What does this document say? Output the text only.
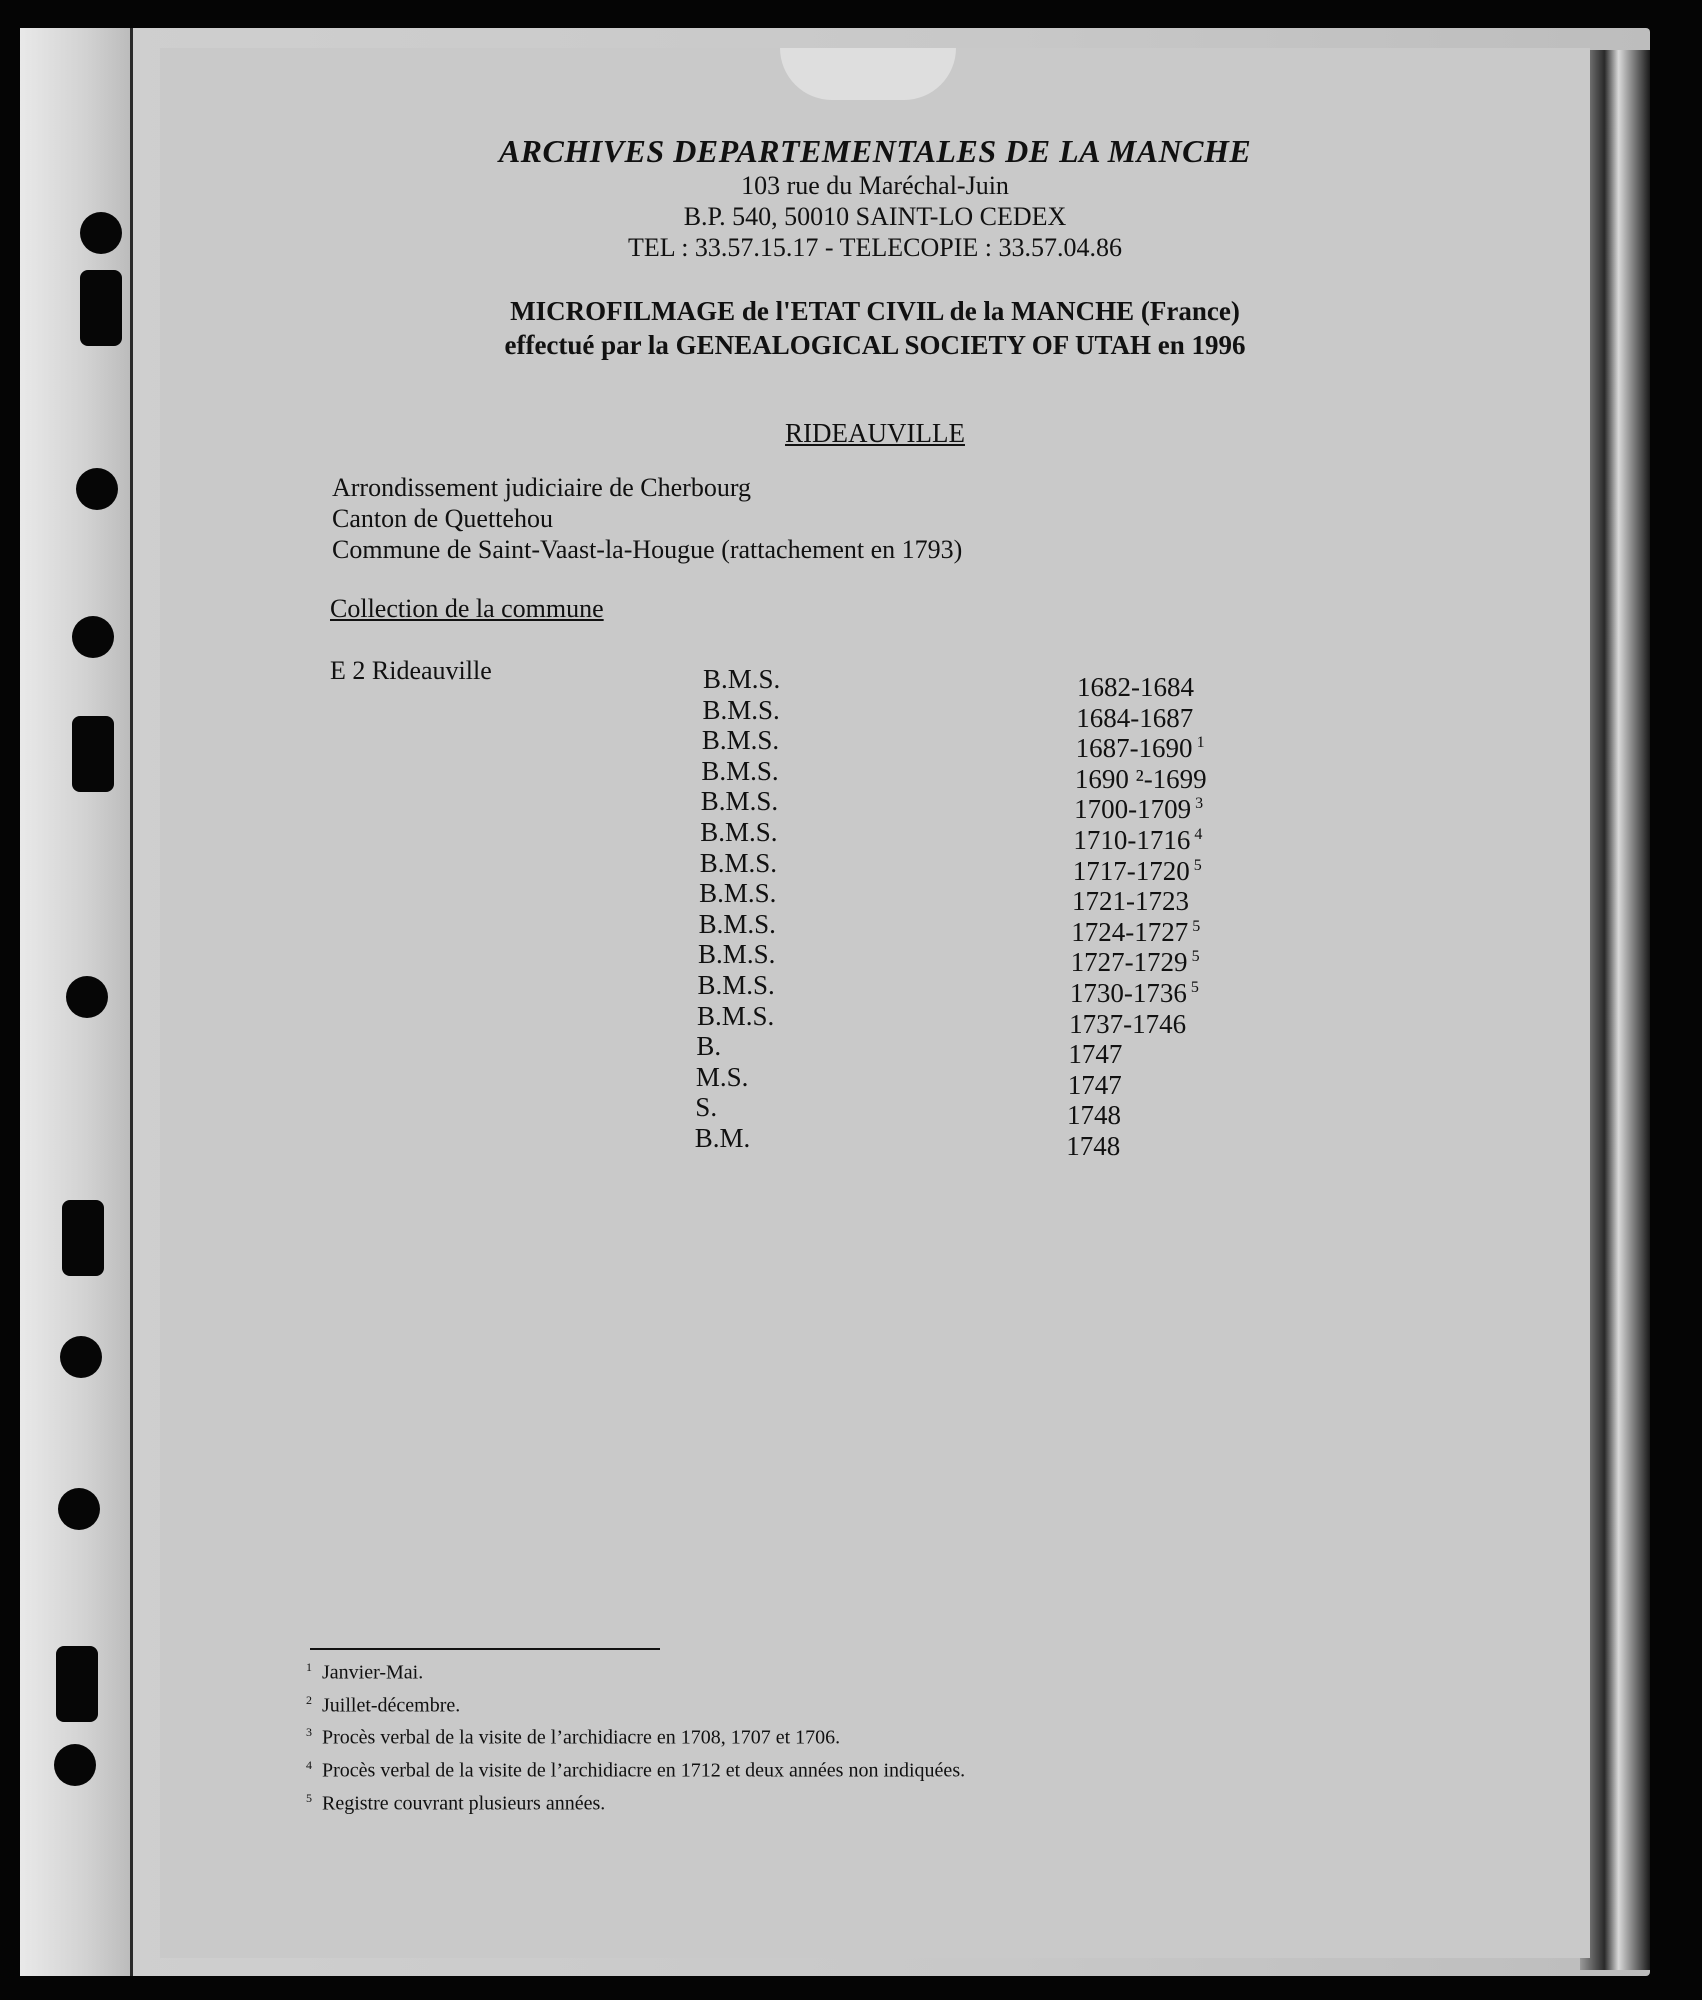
ARCHIVES DEPARTEMENTALES DE LA MANCHE

103 rue du Maréchal-Juin

B.P. 540, 50010 SAINT-LO CEDEX

TEL : 33.57.15.17 - TELECOPIE : 33.57.04.86

MICROFILMAGE de l'ETAT CIVIL de la MANCHE (France)

effectué par la GENEALOGICAL SOCIETY OF UTAH en 1996

RIDEAUVILLE

Arrondissement judiciaire de Cherbourg

Canton de Quettehou

Commune de Saint-Vaast-la-Hougue (rattachement en 1793)

Collection de la commune

E 2 Rideauville	B.M.S.	1682-1684

B.M.S.	1684-1687

B.M.S.	1687-1690 $^1$

B.M.S.	1690 ²-1699

B.M.S.	1700-1709 $^3$

B.M.S.	1710-1716 $^4$

B.M.S.	1717-1720 $^5$

B.M.S.	1721-1723

B.M.S.	1724-1727 $^5$

B.M.S.	1727-1729 $^5$

B.M.S.	1730-1736 $^5$

B.M.S.	1737-1746

B.	1747

M.S.	1747

S.	1748

B.M.	1748

$^1$ Janvier-Mai.

$^2$ Juillet-décembre.

$^3$ Procès verbal de la visite de l’archidiacre en 1708, 1707 et 1706.

$^4$ Procès verbal de la visite de l’archidiacre en 1712 et deux années non indiquées.

$^5$ Registre couvrant plusieurs années.
